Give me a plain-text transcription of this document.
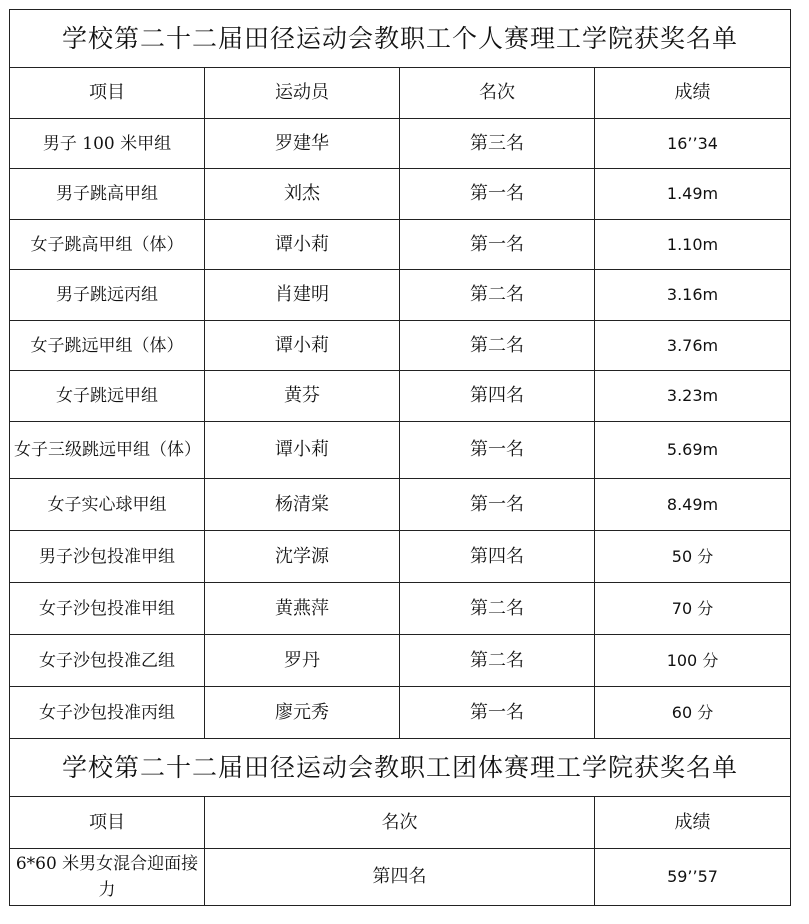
学校第二十二届田径运动会教职工个人赛理工学院获奖名单			
项目	运动员	名次	成绩
男子 100 米甲组	罗建华	第三名	16’’34
男子跳高甲组	刘杰	第一名	1.49m
女子跳高甲组（体）	谭小莉	第一名	1.10m
男子跳远丙组	肖建明	第二名	3.16m
女子跳远甲组（体）	谭小莉	第二名	3.76m
女子跳远甲组	黄芬	第四名	3.23m
女子三级跳远甲组（体）	谭小莉	第一名	5.69m
女子实心球甲组	杨清棠	第一名	8.49m
男子沙包投准甲组	沈学源	第四名	50 分
女子沙包投准甲组	黄燕萍	第二名	70 分
女子沙包投准乙组	罗丹	第二名	100 分
女子沙包投准丙组	廖元秀	第一名	60 分
学校第二十二届田径运动会教职工团体赛理工学院获奖名单			
项目	名次		成绩
6*60 米男女混合迎面接力	第四名		59’’57
